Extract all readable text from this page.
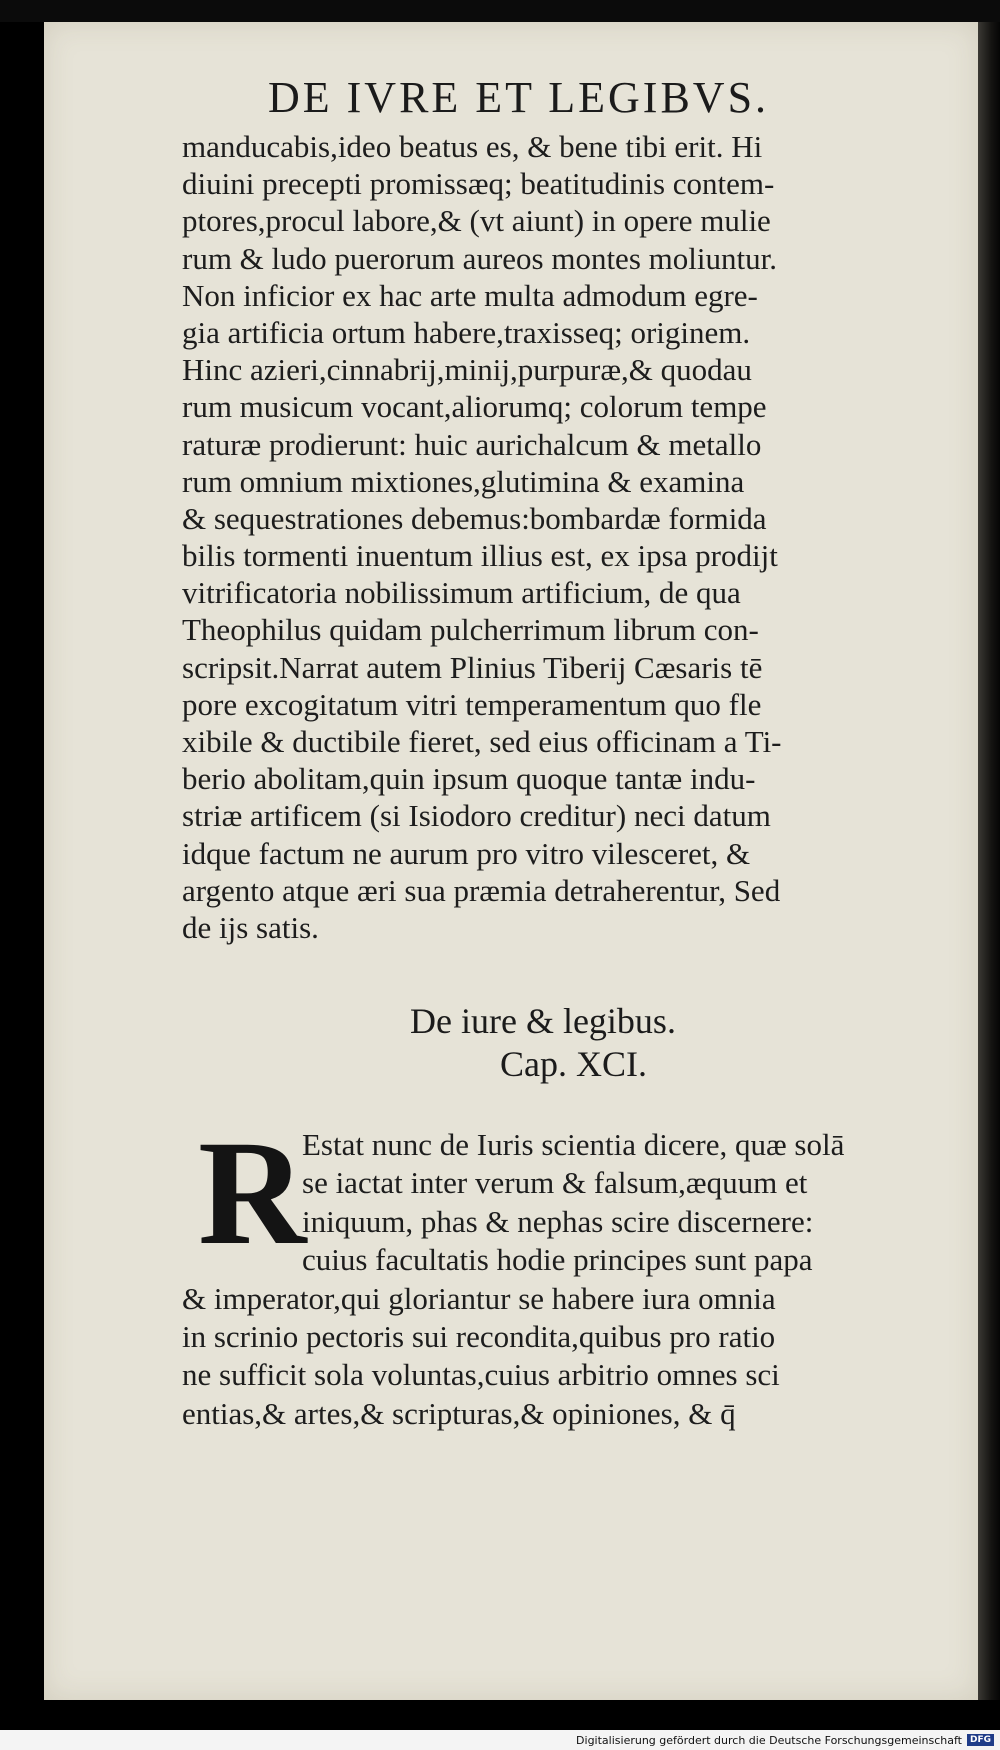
DE IVRE ET LEGIBVS.
manducabis,ideo beatus es, & bene tibi erit. Hi
diuini precepti promissæq; beatitudinis contem-
ptores,procul labore,& (vt aiunt) in opere mulie
rum & ludo puerorum aureos montes moliuntur.
Non inficior ex hac arte multa admodum egre-
gia artificia ortum habere,traxisseq; originem.
Hinc azieri,cinnabrij,minij,purpuræ,& quodau
rum musicum vocant,aliorumq; colorum tempe
raturæ prodierunt: huic aurichalcum & metallo
rum omnium mixtiones,glutimina & examina
& sequestrationes debemus:bombardæ formida
bilis tormenti inuentum illius est, ex ipsa prodijt
vitrificatoria nobilissimum artificium, de qua
Theophilus quidam pulcherrimum librum con-
scripsit.Narrat autem Plinius Tiberij Cæsaris tē
pore excogitatum vitri temperamentum quo fle
xibile & ductibile fieret, sed eius officinam a Ti-
berio abolitam,quin ipsum quoque tantæ indu-
striæ artificem (si Isiodoro creditur) neci datum
idque factum ne aurum pro vitro vilesceret, &
argento atque æri sua præmia detraherentur, Sed
de ijs satis.
De iure & legibus.
Cap. XCI.
R
Estat nunc de Iuris scientia dicere, quæ solā
se iactat inter verum & falsum,æquum et
iniquum, phas & nephas scire discernere:
cuius facultatis hodie principes sunt papa
& imperator,qui gloriantur se habere iura omnia
in scrinio pectoris sui recondita,quibus pro ratio
ne sufficit sola voluntas,cuius arbitrio omnes sci
entias,& artes,& scripturas,& opiniones, & q̄
Digitalisierung gefördert durch die Deutsche Forschungsgemeinschaft DFG
